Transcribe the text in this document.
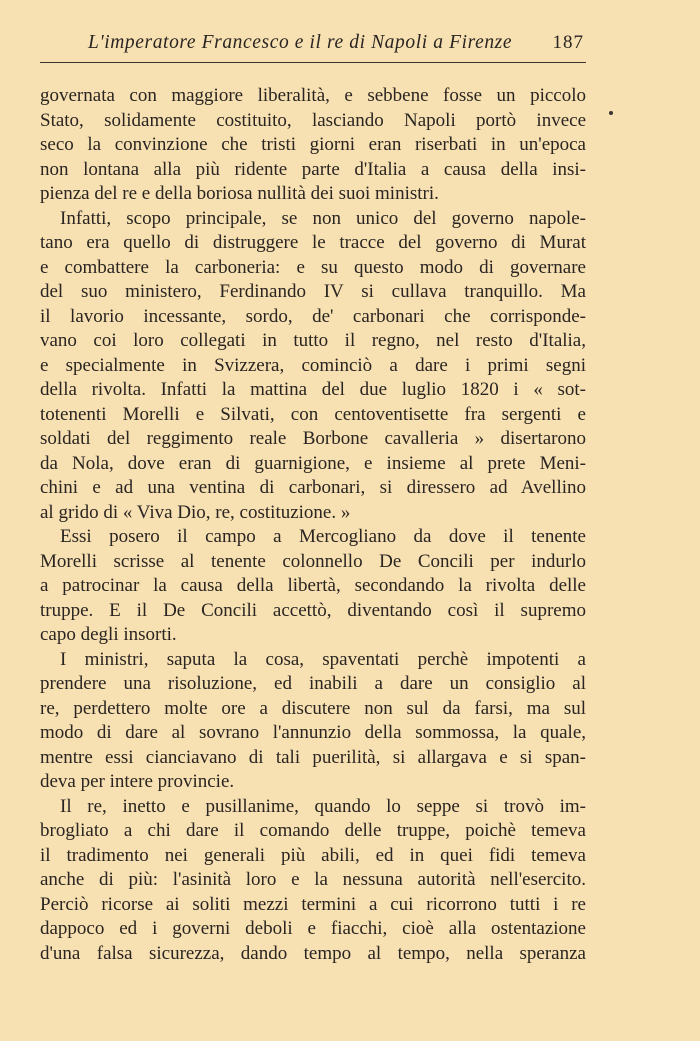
L'imperatore Francesco e il re di Napoli a Firenze 187
governata con maggiore liberalità, e sebbene fosse un piccolo
Stato, solidamente costituito, lasciando Napoli portò invece
seco la convinzione che tristi giorni eran riserbati in un'epoca
non lontana alla più ridente parte d'Italia a causa della insi-
pienza del re e della boriosa nullità dei suoi ministri.
Infatti, scopo principale, se non unico del governo napole-
tano era quello di distruggere le tracce del governo di Murat
e combattere la carboneria: e su questo modo di governare
del suo ministero, Ferdinando IV si cullava tranquillo. Ma
il lavorio incessante, sordo, de' carbonari che corrisponde-
vano coi loro collegati in tutto il regno, nel resto d'Italia,
e specialmente in Svizzera, cominciò a dare i primi segni
della rivolta. Infatti la mattina del due luglio 1820 i « sot-
totenenti Morelli e Silvati, con centoventisette fra sergenti e
soldati del reggimento reale Borbone cavalleria » disertarono
da Nola, dove eran di guarnigione, e insieme al prete Meni-
chini e ad una ventina di carbonari, si diressero ad Avellino
al grido di « Viva Dio, re, costituzione. »
Essi posero il campo a Mercogliano da dove il tenente
Morelli scrisse al tenente colonnello De Concili per indurlo
a patrocinar la causa della libertà, secondando la rivolta delle
truppe. E il De Concili accettò, diventando così il supremo
capo degli insorti.
I ministri, saputa la cosa, spaventati perchè impotenti a
prendere una risoluzione, ed inabili a dare un consiglio al
re, perdettero molte ore a discutere non sul da farsi, ma sul
modo di dare al sovrano l'annunzio della sommossa, la quale,
mentre essi cianciavano di tali puerilità, si allargava e si span-
deva per intere provincie.
Il re, inetto e pusillanime, quando lo seppe si trovò im-
brogliato a chi dare il comando delle truppe, poichè temeva
il tradimento nei generali più abili, ed in quei fidi temeva
anche di più: l'asinità loro e la nessuna autorità nell'esercito.
Perciò ricorse ai soliti mezzi termini a cui ricorrono tutti i re
dappoco ed i governi deboli e fiacchi, cioè alla ostentazione
d'una falsa sicurezza, dando tempo al tempo, nella speranza
